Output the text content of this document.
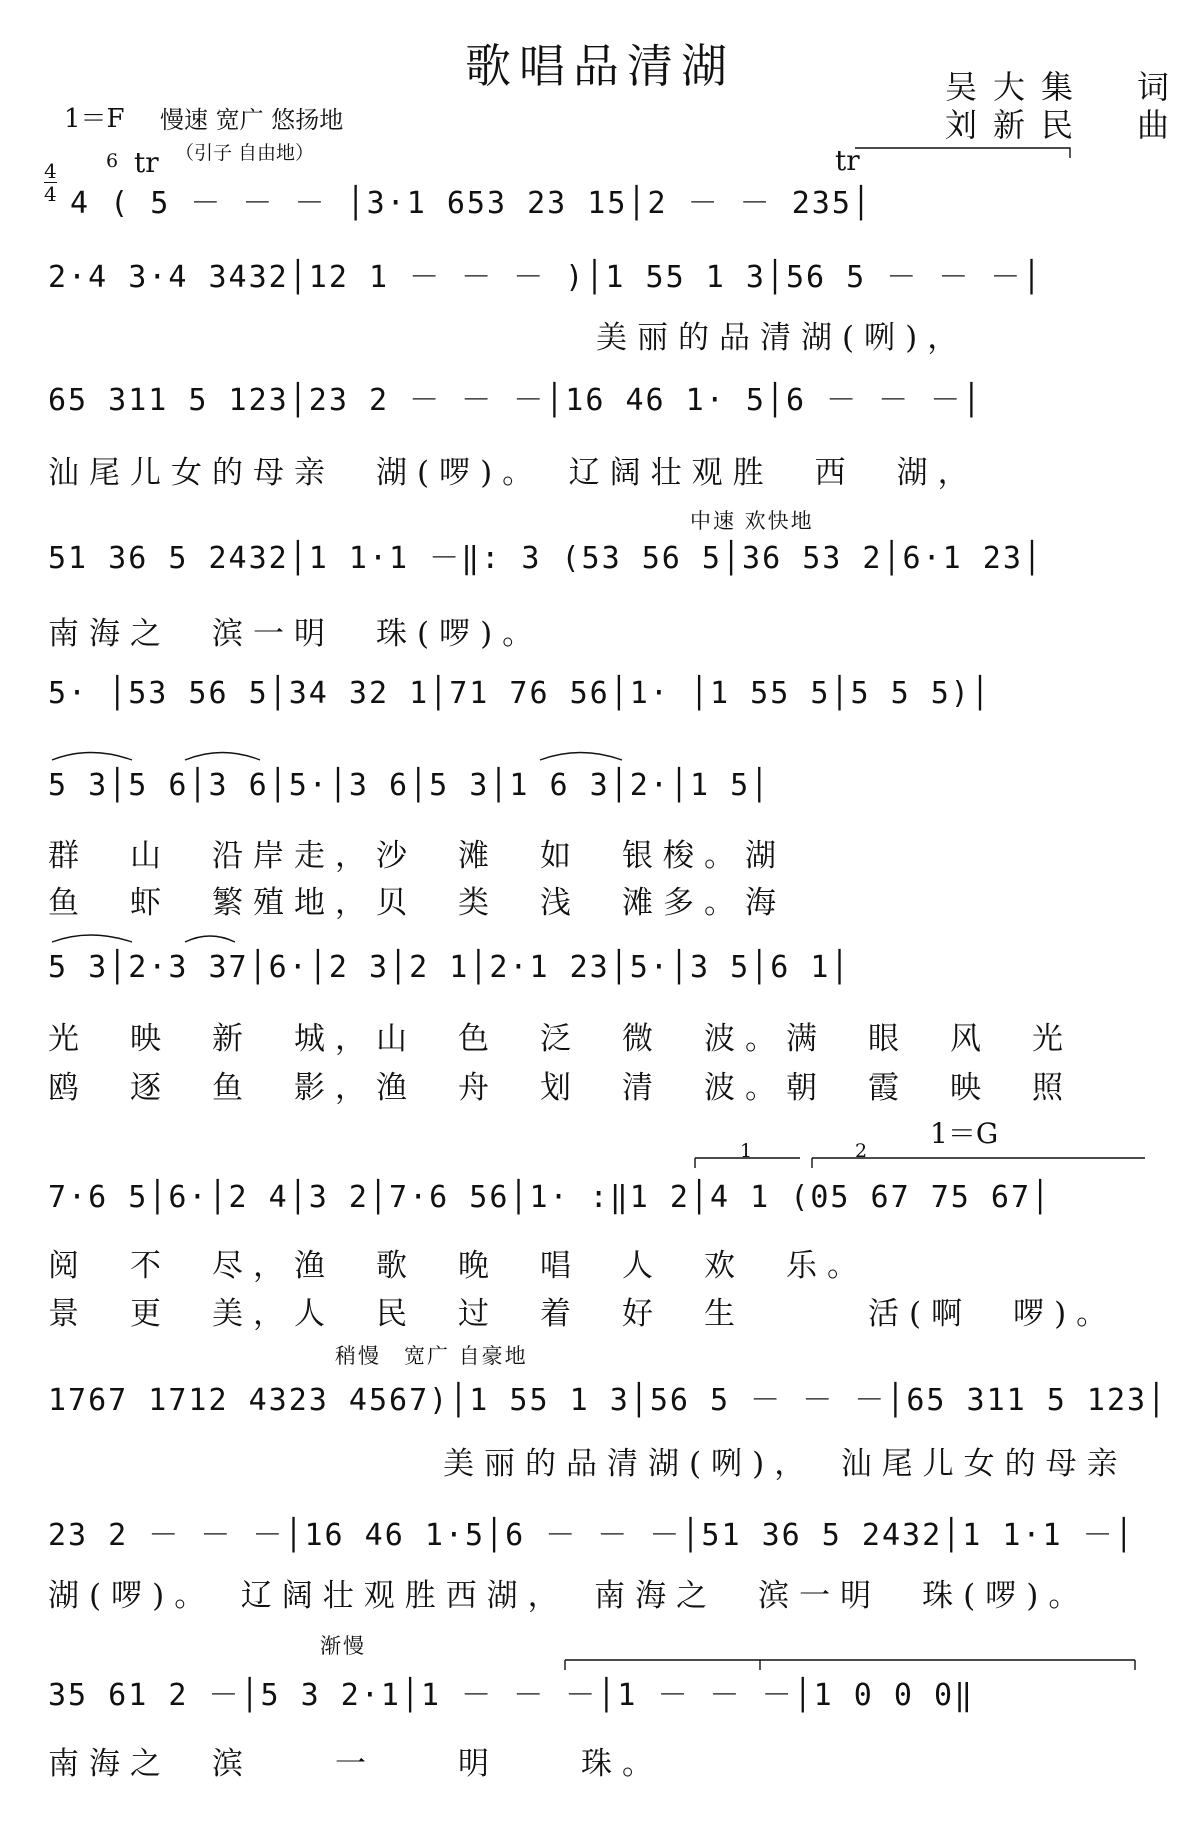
歌唱品清湖	吴大集　词
刘新民　曲
1＝F 慢速 宽广 悠扬地
（引子 自由地）
4
4
tr	tr
6
4 ( 5 － － － │3·1 653 23 15│2 － － 235│
2·4 3·4 3432│12 1 － － － )│1 55 1 3│56 5 － － －│
美丽的品清湖(咧)，
65 311 5 123│23 2 － － －│16 46 1· 5│6 － － －│
汕尾儿女的母亲　湖(啰)。　辽阔壮观胜　西　湖，
中速 欢快地
51 36 5 2432│1 1·1 －‖: 3 (53 56 5│36 53 2│6·1 23│
南海之　滨一明　珠(啰)。
5· │53 56 5│34 32 1│71 76 56│1· │1 55 5│5 5 5)│
5 3│5 6│3 6│5·│3 6│5 3│1 6 3│2·│1 5│
群　山　沿岸走，沙　滩　如　银梭。湖
鱼　虾　繁殖地，贝　类　浅　滩多。海
5 3│2·3 37│6·│2 3│2 1│2·1 23│5·│3 5│6 1│
光　映　新　城，山　色　泛　微　波。满　眼　风　光
鸥　逐　鱼　影，渔　舟　划　清　波。朝　霞　映　照
1＝G
1	2
7·6 5│6·│2 4│3 2│7·6 56│1· :‖1 2│4 1 (05 67 75 67│
阅　不　尽，渔　歌　晚　唱　人　欢　乐。
景　更　美，人　民　过　着　好　生　　　活(啊　啰)。
稍慢　宽广 自豪地
1767 1712 4323 4567)│1 55 1 3│56 5 － － －│65 311 5 123│
美丽的品清湖(咧)，　汕尾儿女的母亲
23 2 － － －│16 46 1·5│6 － － －│51 36 5 2432│1 1·1 －│
湖(啰)。　辽阔壮观胜西湖，　南海之　滨一明　珠(啰)。
渐慢
35 61 2 －│5 3 2·1│1 － － －│1 － － －│1 0 0 0‖
南海之　滨　　一　　明　　珠。
